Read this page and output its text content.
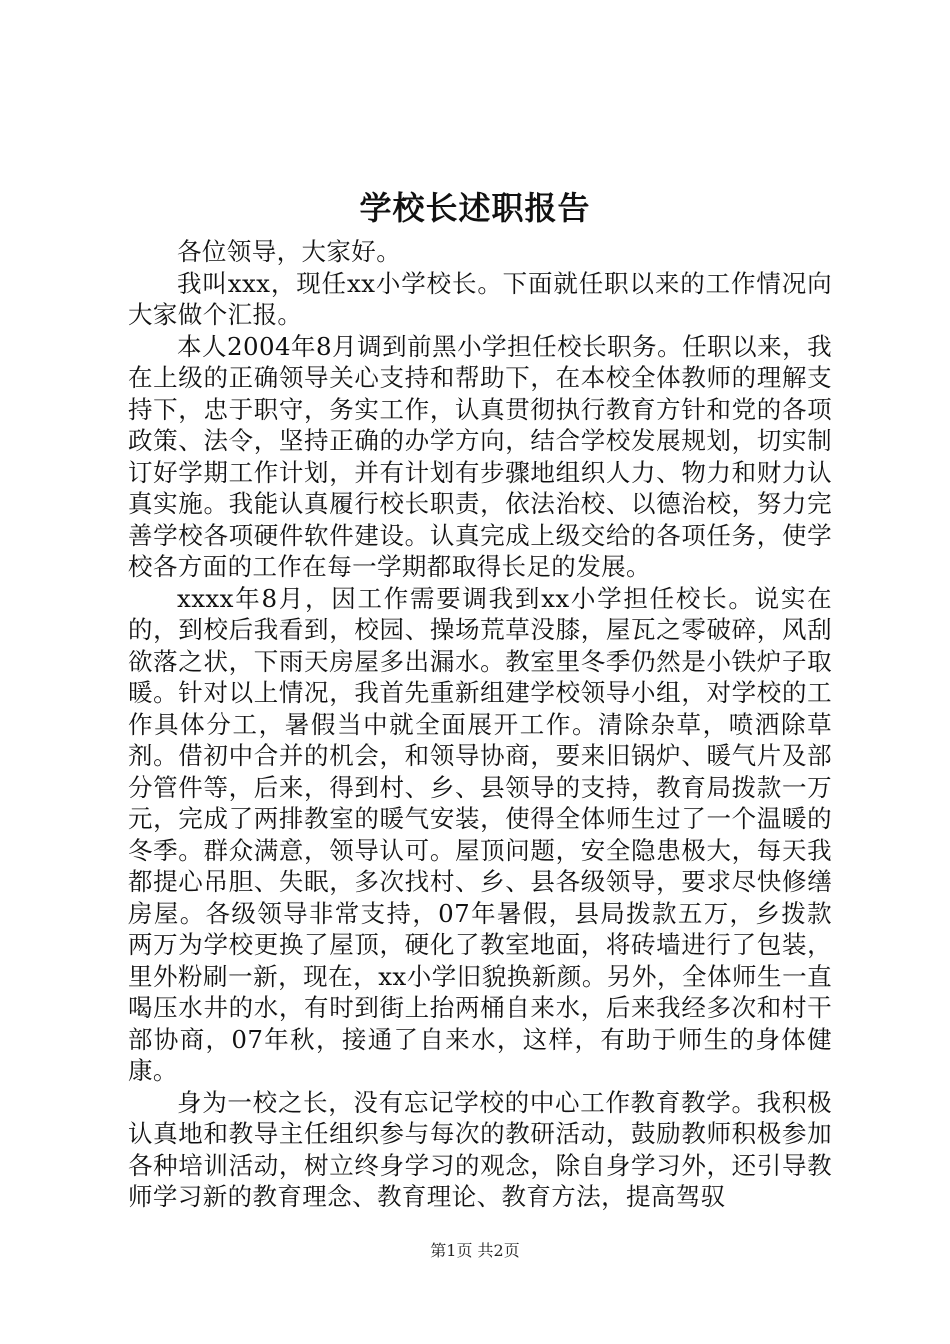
学校长述职报告

各位领导，大家好。

我叫xxx，现任xx小学校长。下面就任职以来的工作情况向大家做个汇报。

本人2004年8月调到前黑小学担任校长职务。任职以来，我在上级的正确领导关心支持和帮助下，在本校全体教师的理解支持下，忠于职守，务实工作，认真贯彻执行教育方针和党的各项政策、法令，坚持正确的办学方向，结合学校发展规划，切实制订好学期工作计划，并有计划有步骤地组织人力、物力和财力认真实施。我能认真履行校长职责，依法治校、以德治校，努力完善学校各项硬件软件建设。认真完成上级交给的各项任务，使学校各方面的工作在每一学期都取得长足的发展。

xxxx年8月，因工作需要调我到xx小学担任校长。说实在的，到校后我看到，校园、操场荒草没膝，屋瓦之零破碎，风刮欲落之状，下雨天房屋多出漏水。教室里冬季仍然是小铁炉子取暖。针对以上情况，我首先重新组建学校领导小组，对学校的工作具体分工，暑假当中就全面展开工作。清除杂草，喷洒除草剂。借初中合并的机会，和领导协商，要来旧锅炉、暖气片及部分管件等，后来，得到村、乡、县领导的支持，教育局拨款一万元，完成了两排教室的暖气安装，使得全体师生过了一个温暖的冬季。群众满意，领导认可。屋顶问题，安全隐患极大，每天我都提心吊胆、失眠，多次找村、乡、县各级领导，要求尽快修缮房屋。各级领导非常支持，07年暑假，县局拨款五万，乡拨款两万为学校更换了屋顶，硬化了教室地面，将砖墙进行了包装，里外粉刷一新，现在，xx小学旧貌换新颜。另外，全体师生一直喝压水井的水，有时到街上抬两桶自来水，后来我经多次和村干部协商，07年秋，接通了自来水，这样，有助于师生的身体健康。

身为一校之长，没有忘记学校的中心工作教育教学。我积极认真地和教导主任组织参与每次的教研活动，鼓励教师积极参加各种培训活动，树立终身学习的观念，除自身学习外，还引导教师学习新的教育理念、教育理论、教育方法，提高驾驭

第1页 共2页
